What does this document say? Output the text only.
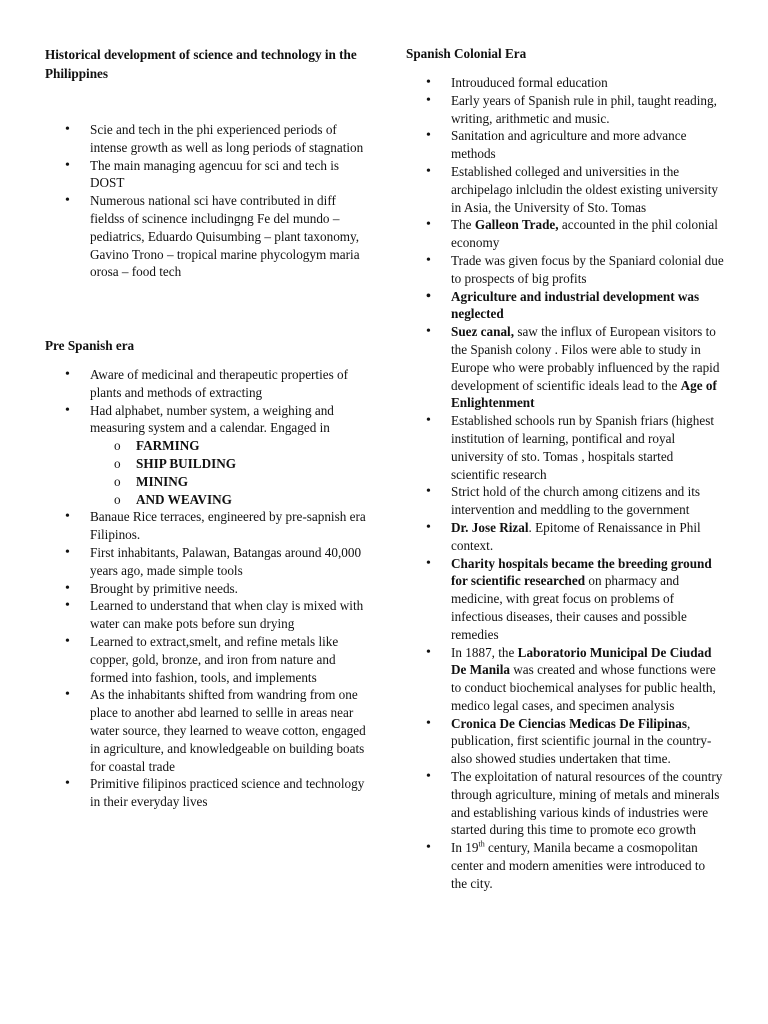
Historical development of science and technology in the Philippines
• Scie and tech in the phi experienced periods of intense growth as well as long periods of stagnation
• The main managing agencuu for sci and tech is DOST
• Numerous national sci have contributed in diff fieldss of scinence includingng Fe del mundo – pediatrics, Eduardo Quisumbing – plant taxonomy, Gavino Trono – tropical marine phycologym maria orosa – food tech
Pre Spanish era
• Aware of medicinal and therapeutic properties of plants and methods of extracting
• Had alphabet, number system, a weighing and measuring system and a calendar. Engaged in
o FARMING
o SHIP BUILDING
o MINING
o AND WEAVING
• Banaue Rice terraces, engineered by pre-sapnish era Filipinos.
• First inhabitants, Palawan, Batangas around 40,000 years ago, made simple tools
• Brought by primitive needs.
• Learned to understand that when clay is mixed with water can make pots before sun drying
• Learned to extract,smelt, and refine metals like copper, gold, bronze, and iron from nature and formed into fashion, tools, and implements
• As the inhabitants shifted from wandring from one place to another abd learned to sellle in areas near water source, they learned to weave cotton, engaged in agriculture, and knowledgeable on building boats for coastal trade
• Primitive filipinos practiced science and technology in their everyday lives
Spanish Colonial Era
• Introuduced formal education
• Early years of Spanish rule in phil, taught reading, writing, arithmetic and music.
• Sanitation and agriculture and more advance methods
• Established colleged and universities in the archipelago inlcludin the oldest existing university in Asia, the University of Sto. Tomas
• The Galleon Trade, accounted in the phil colonial economy
• Trade was given focus by the Spaniard colonial due to prospects of big profits
• Agriculture and industrial development was neglected
• Suez canal, saw the influx of European visitors to the Spanish colony . Filos were able to study in Europe who were probably influenced by the rapid development of scientific ideals lead to the Age of Enlightenment
• Established schools run by Spanish friars (highest institution of learning, pontifical and royal university of sto. Tomas , hospitals started scientific research
• Strict hold of the church among citizens and its intervention and meddling to the government
• Dr. Jose Rizal. Epitome of Renaissance in Phil context.
• Charity hospitals became the breeding ground for scientific researched on pharmacy and medicine, with great focus on problems of infectious diseases, their causes and possible remedies
• In 1887, the Laboratorio Municipal De Ciudad De Manila was created and whose functions were to conduct biochemical analyses for public health, medico legal cases, and specimen analysis
• Cronica De Ciencias Medicas De Filipinas, publication, first scientific journal in the country- also showed studies undertaken that time.
• The exploitation of natural resources of the country through agriculture, mining of metals and minerals and establishing various kinds of industries were started during this time to promote eco growth
• In 19th century, Manila became a cosmopolitan center and modern amenities were introduced to the city.
